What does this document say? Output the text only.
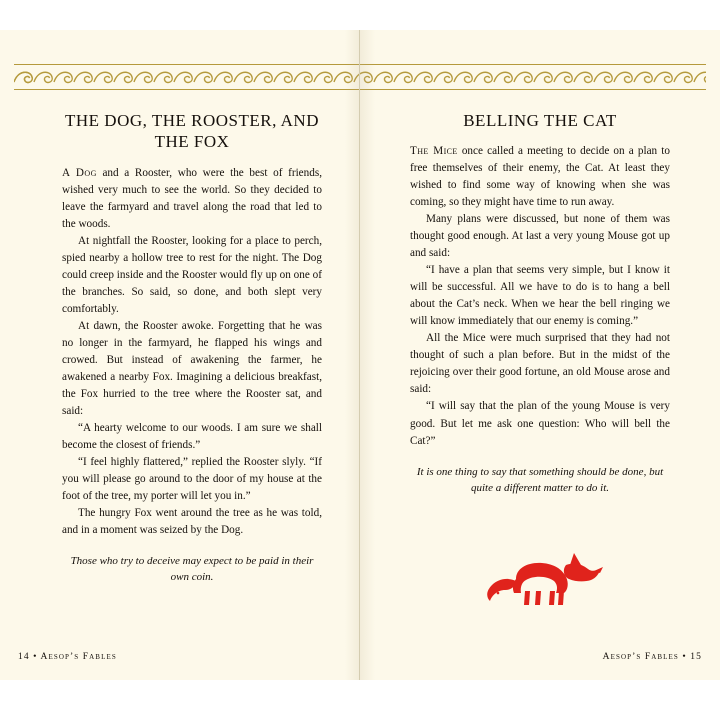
THE DOG, THE ROOSTER, AND THE FOX

A Dog and a Rooster, who were the best of friends, wished very much to see the world. So they decided to leave the farmyard and travel along the road that led to the woods.

At nightfall the Rooster, looking for a place to perch, spied nearby a hollow tree to rest for the night. The Dog could creep inside and the Rooster would fly up on one of the branches. So said, so done, and both slept very comfortably.

At dawn, the Rooster awoke. Forgetting that he was no longer in the farmyard, he flapped his wings and crowed. But instead of awakening the farmer, he awakened a nearby Fox. Imagining a delicious breakfast, the Fox hurried to the tree where the Rooster sat, and said:

“A hearty welcome to our woods. I am sure we shall become the closest of friends.”

“I feel highly flattered,” replied the Rooster slyly. “If you will please go around to the door of my house at the foot of the tree, my porter will let you in.”

The hungry Fox went around the tree as he was told, and in a moment was seized by the Dog.

Those who try to deceive may expect to be paid in their own coin.

BELLING THE CAT

The Mice once called a meeting to decide on a plan to free themselves of their enemy, the Cat. At least they wished to find some way of knowing when she was coming, so they might have time to run away.

Many plans were discussed, but none of them was thought good enough. At last a very young Mouse got up and said:

“I have a plan that seems very simple, but I know it will be successful. All we have to do is to hang a bell about the Cat’s neck. When we hear the bell ringing we will know immediately that our enemy is coming.”

All the Mice were much surprised that they had not thought of such a plan before. But in the midst of the rejoicing over their good fortune, an old Mouse arose and said:

“I will say that the plan of the young Mouse is very good. But let me ask one question: Who will bell the Cat?”

It is one thing to say that something should be done, but quite a different matter to do it.

14 • Aesop’s Fables	Aesop’s Fables • 15
